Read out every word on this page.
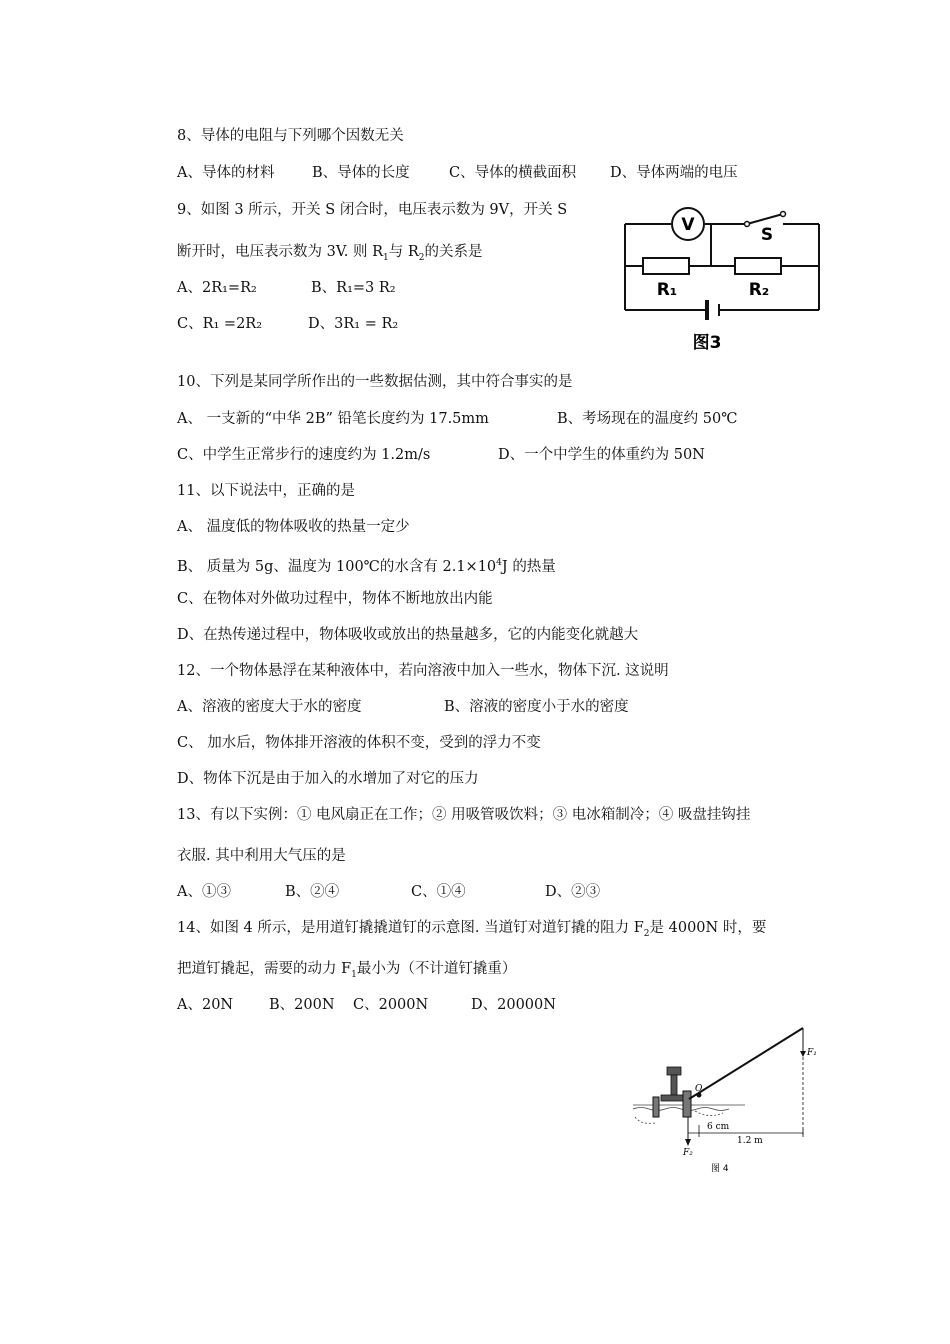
8、导体的电阻与下列哪个因数无关
A、导体的材料	B、导体的长度	C、导体的横截面积 D、导体两端的电压
9、如图 3 所示，开关 S 闭合时，电压表示数为 9V，开关 S
断开时，电压表示数为 3V. 则 $R_1$与 $R_2$的关系是
A、2R₁=R₂	B、R₁=3 R₂
C、R₁ =2R₂	D、3R₁ = R₂
V	S
R₁	R₂
图3
10、下列是某同学所作出的一些数据估测，其中符合事实的是
A、 一支新的“中华 2B” 铅笔长度约为 17.5mm	B、考场现在的温度约 50℃
C、中学生正常步行的速度约为 1.2m/s	D、一个中学生的体重约为 50N
11、以下说法中，正确的是
A、 温度低的物体吸收的热量一定少
B、 质量为 5g、温度为 100℃的水含有 $2.1\times 10^4J$ 的热量
C、在物体对外做功过程中，物体不断地放出内能
D、在热传递过程中，物体吸收或放出的热量越多，它的内能变化就越大
12、一个物体悬浮在某种液体中，若向溶液中加入一些水，物体下沉. 这说明
A、溶液的密度大于水的密度	B、溶液的密度小于水的密度
C、 加水后，物体排开溶液的体积不变，受到的浮力不变
D、物体下沉是由于加入的水增加了对它的压力
13、有以下实例：① 电风扇正在工作；② 用吸管吸饮料；③ 电冰箱制冷；④ 吸盘挂钩挂
衣服. 其中利用大气压的是
A、①③	B、②④	C、①④	D、②③
14、如图 4 所示，是用道钉撬撬道钉的示意图. 当道钉对道钉撬的阻力 $F_2$是 4000N 时，要
把道钉撬起，需要的动力 $F_1$最小为（不计道钉撬重）
A、20N B、200N C、2000N	D、20000N
6 cm
1.2 m
F₁
F₂
O
图 4
